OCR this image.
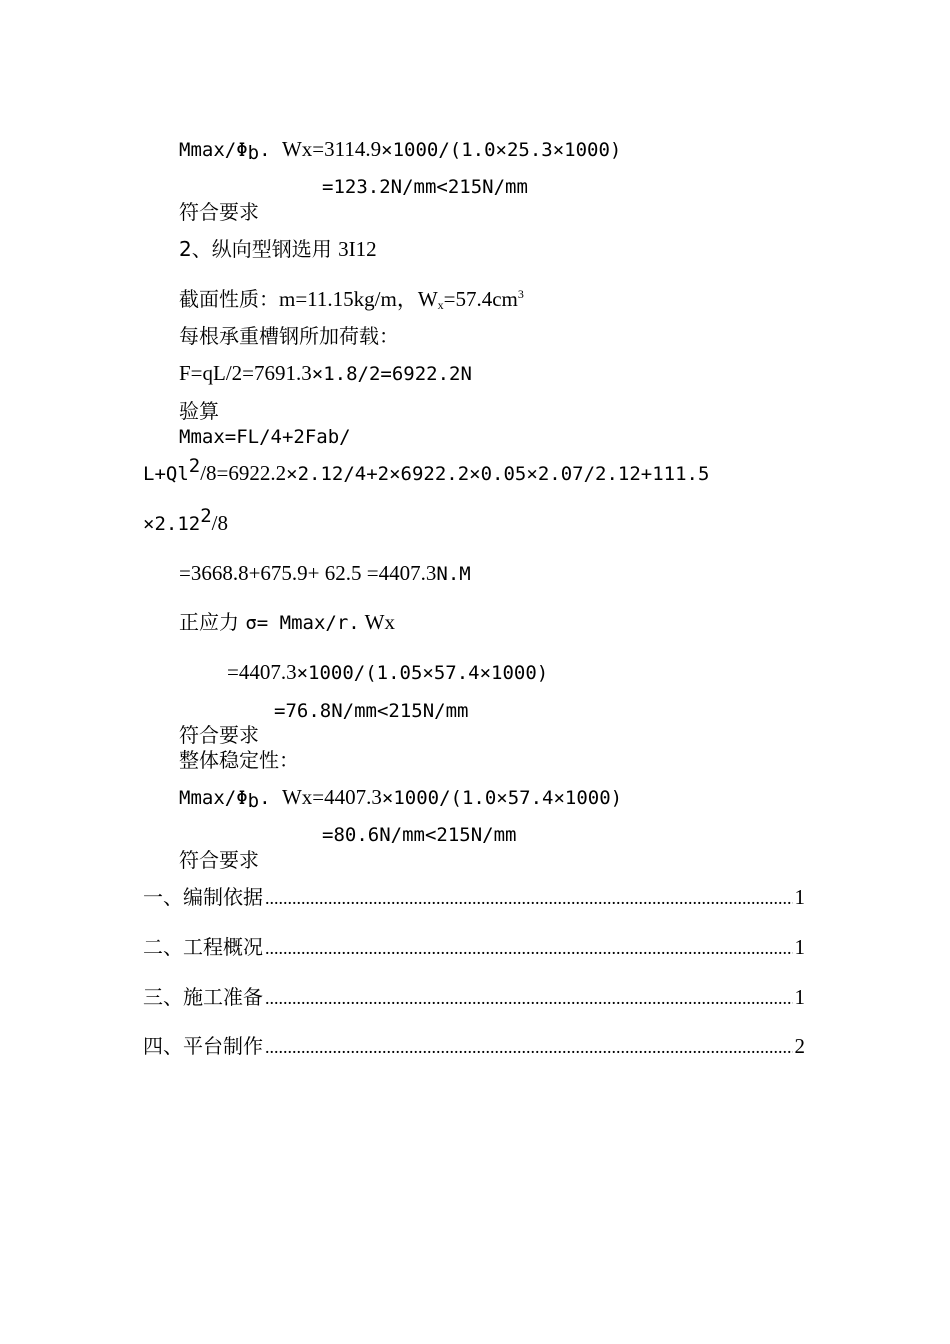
Mmax/$\Phi_b$. Wx=3114.9×1000/(1.0×25.3×1000)
=123.2N/mm<215N/mm
符合要求
2、纵向型钢选用 3I12
截面性质：m=11.15kg/m，$W_x=57.4cm^3$
每根承重槽钢所加荷载：
F=qL/2=7691.3×1.8/2=6922.2N
验算
Mmax=FL/4+2Fab/
$L+Ql^2/8=6922.2\times 2.12/4+2\times 6922.2\times 0.05\times 2.07/2.12+111.5$
$\times 2.12^2/8$
=3668.8+675.9+ 62.5 =4407.3N.M
正应力 σ= Mmax/r. Wx
=4407.3×1000/(1.05×57.4×1000)
=76.8N/mm<215N/mm
符合要求
整体稳定性：
Mmax/$\Phi_b$. Wx=4407.3×1000/(1.0×57.4×1000)
=80.6N/mm<215N/mm
符合要求
一、编制依据 .....	1
二、工程概况 .....	1
三、施工准备 .....	1
四、平台制作 .....	2
